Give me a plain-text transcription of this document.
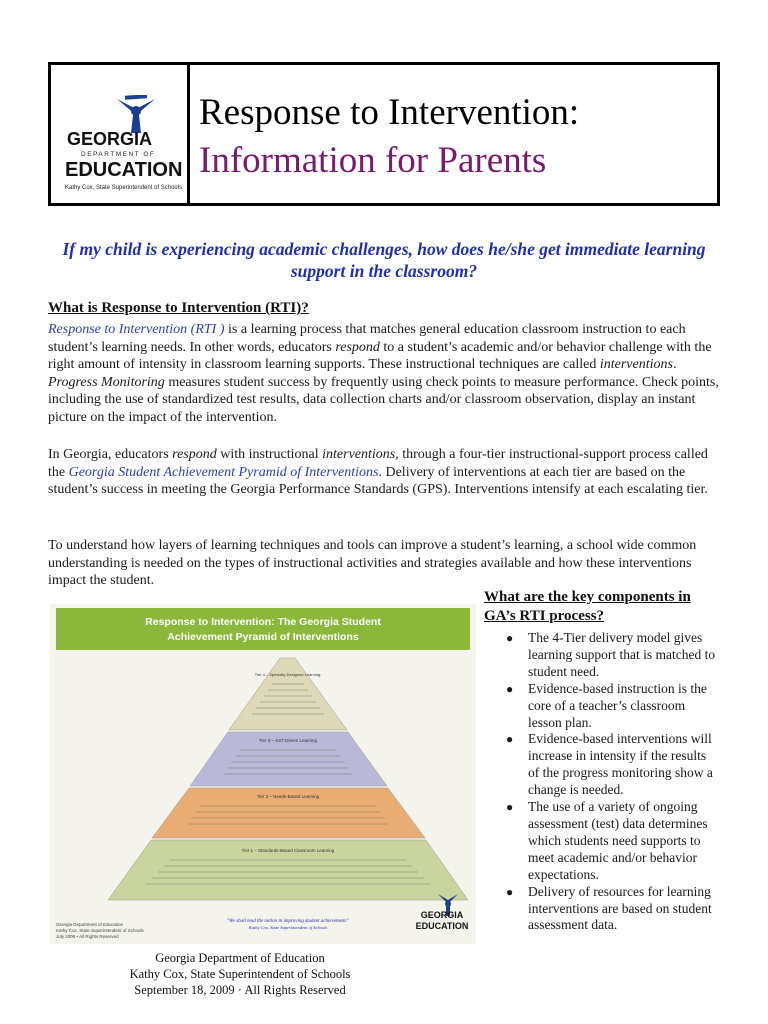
GEORGIA
DEPARTMENT OF
EDUCATION
Kathy Cox, State Superintendent of Schools
Response to Intervention:
Information for Parents
If my child is experiencing academic challenges, how does he/she get immediate learning support in the classroom?
What is Response to Intervention (RTI)?
Response to Intervention (RTI ) is a learning process that matches general education classroom instruction to each student’s learning needs. In other words, educators respond to a student’s academic and/or behavior challenge with the right amount of intensity in classroom learning supports. These instructional techniques are called interventions. Progress Monitoring measures student success by frequently using check points to measure performance. Check points, including the use of standardized test results, data collection charts and/or classroom observation, display an instant picture on the impact of the intervention.
In Georgia, educators respond with instructional interventions, through a four-tier instructional-support process called the Georgia Student Achievement Pyramid of Interventions. Delivery of interventions at each tier are based on the student’s success in meeting the Georgia Performance Standards (GPS). Interventions intensify at each escalating tier.
To understand how layers of learning techniques and tools can improve a student’s learning, a school wide common understanding is needed on the types of instructional activities and strategies available and how these interventions impact the student.
Response to Intervention: The Georgia Student
Achievement Pyramid of Interventions
Tier 4 – Specially-Designed Learning:
Tier 3 – SST-Driven Learning
Tier 2 – Needs-Based Learning
Tier 1 – Standards-Based Classroom Learning
"We shall lead the nation in improving student achievement."
Kathy Cox, State Superintendent of Schools
Georgia Department of Education
Kathy Cox, State Superintendent of Schools
July 2008 • All Rights Reserved
GEORGIA
EDUCATION
What are the key components in GA’s RTI process?
● The 4-Tier delivery model gives learning support that is matched to student need.
● Evidence-based instruction is the core of a teacher’s classroom lesson plan.
● Evidence-based interventions will increase in intensity if the results of the progress monitoring show a change is needed.
● The use of a variety of ongoing assessment (test) data determines which students need supports to meet academic and/or behavior expectations.
● Delivery of resources for learning interventions are based on student assessment data.
Georgia Department of Education
Kathy Cox, State Superintendent of Schools
September 18, 2009 · All Rights Reserved
